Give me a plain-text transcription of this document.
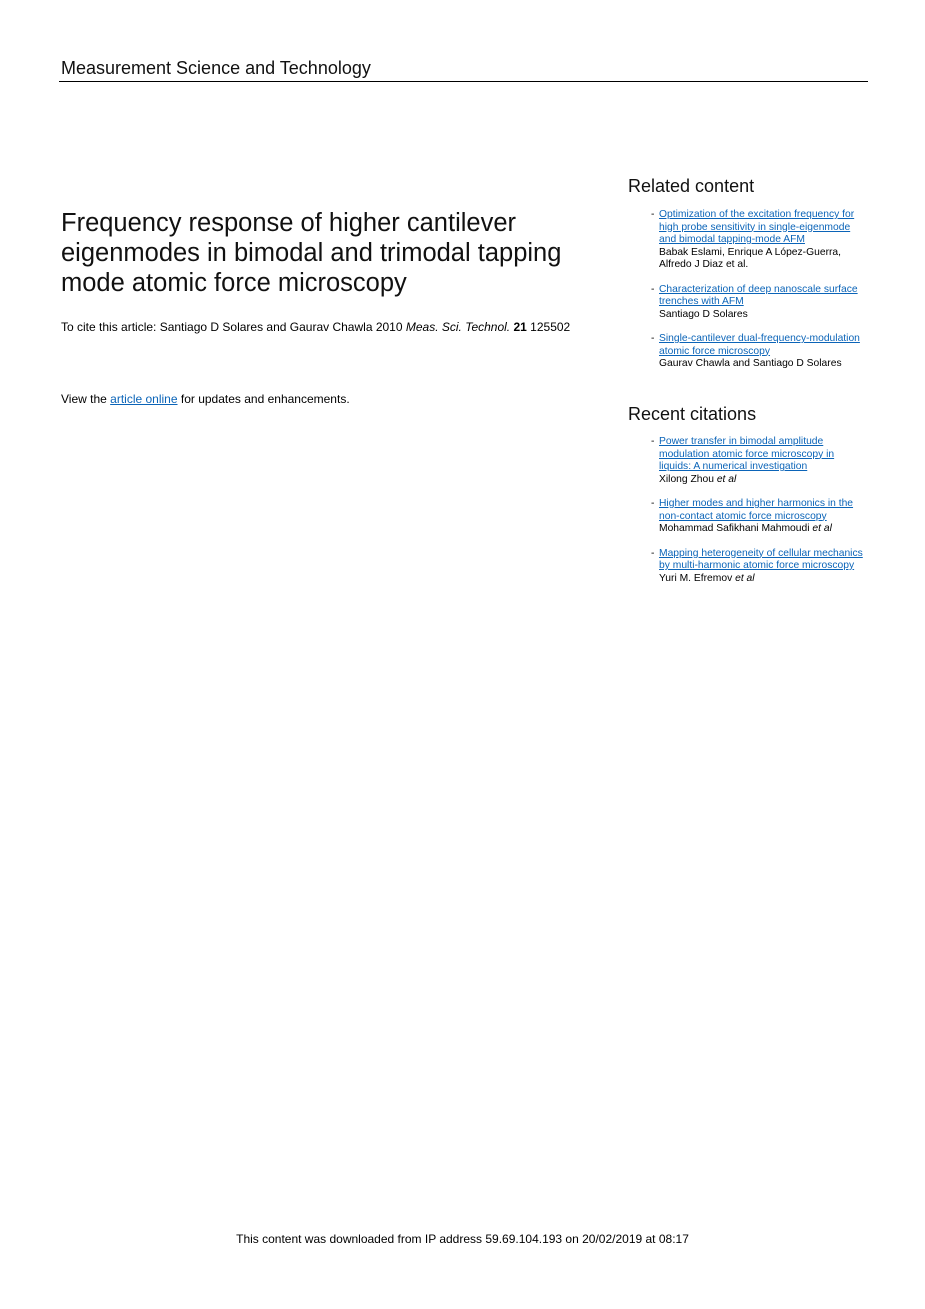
Measurement Science and Technology
Frequency response of higher cantilever eigenmodes in bimodal and trimodal tapping mode atomic force microscopy
To cite this article: Santiago D Solares and Gaurav Chawla 2010 Meas. Sci. Technol. 21 125502
View the article online for updates and enhancements.
Related content
- Optimization of the excitation frequency for high probe sensitivity in single-eigenmode and bimodal tapping-mode AFM
Babak Eslami, Enrique A López-Guerra, Alfredo J Diaz et al.
- Characterization of deep nanoscale surface trenches with AFM
Santiago D Solares
- Single-cantilever dual-frequency-modulation atomic force microscopy
Gaurav Chawla and Santiago D Solares
Recent citations
- Power transfer in bimodal amplitude modulation atomic force microscopy in liquids: A numerical investigation
Xilong Zhou et al
- Higher modes and higher harmonics in the non-contact atomic force microscopy
Mohammad Safikhani Mahmoudi et al
- Mapping heterogeneity of cellular mechanics by multi-harmonic atomic force microscopy
Yuri M. Efremov et al
This content was downloaded from IP address 59.69.104.193 on 20/02/2019 at 08:17
